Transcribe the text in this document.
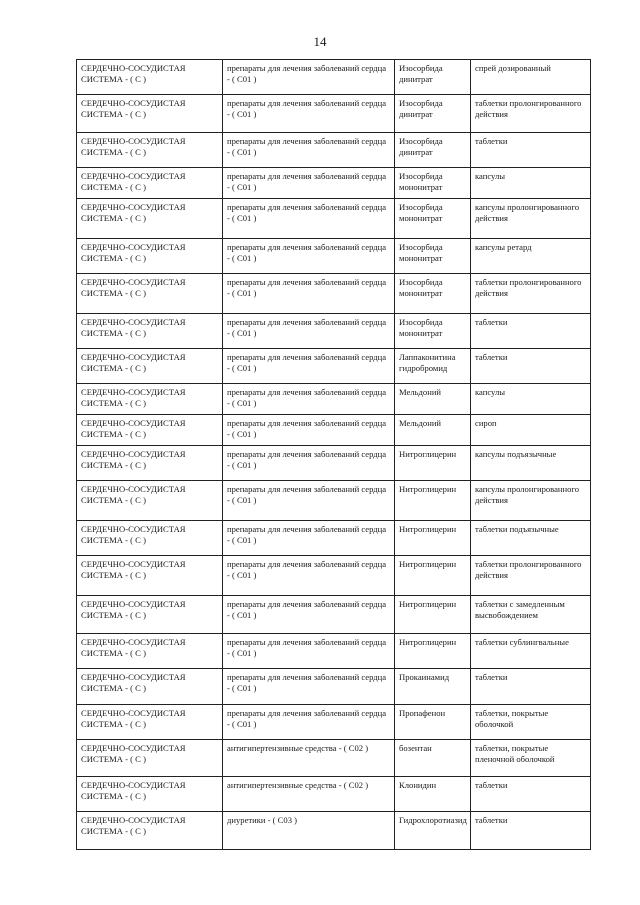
14
СЕРДЕЧНО-СОСУДИСТАЯ СИСТЕМА - ( С )	препараты для лечения заболеваний сердца - ( С01 )	Изосорбида динитрат	спрей дозированный
СЕРДЕЧНО-СОСУДИСТАЯ СИСТЕМА - ( С )	препараты для лечения заболеваний сердца - ( С01 )	Изосорбида динитрат	таблетки пролонгированного действия
СЕРДЕЧНО-СОСУДИСТАЯ СИСТЕМА - ( С )	препараты для лечения заболеваний сердца - ( С01 )	Изосорбида динитрат	таблетки
СЕРДЕЧНО-СОСУДИСТАЯ СИСТЕМА - ( С )	препараты для лечения заболеваний сердца - ( С01 )	Изосорбида мононитрат	капсулы
СЕРДЕЧНО-СОСУДИСТАЯ СИСТЕМА - ( С )	препараты для лечения заболеваний сердца - ( С01 )	Изосорбида мононитрат	капсулы пролонгированного действия
СЕРДЕЧНО-СОСУДИСТАЯ СИСТЕМА - ( С )	препараты для лечения заболеваний сердца - ( С01 )	Изосорбида мононитрат	капсулы ретард
СЕРДЕЧНО-СОСУДИСТАЯ СИСТЕМА - ( С )	препараты для лечения заболеваний сердца - ( С01 )	Изосорбида мононитрат	таблетки пролонгированного действия
СЕРДЕЧНО-СОСУДИСТАЯ СИСТЕМА - ( С )	препараты для лечения заболеваний сердца - ( С01 )	Изосорбида мононитрат	таблетки
СЕРДЕЧНО-СОСУДИСТАЯ СИСТЕМА - ( С )	препараты для лечения заболеваний сердца - ( С01 )	Лаппаконитина гидробромид	таблетки
СЕРДЕЧНО-СОСУДИСТАЯ СИСТЕМА - ( С )	препараты для лечения заболеваний сердца - ( С01 )	Мельдоний	капсулы
СЕРДЕЧНО-СОСУДИСТАЯ СИСТЕМА - ( С )	препараты для лечения заболеваний сердца - ( С01 )	Мельдоний	сироп
СЕРДЕЧНО-СОСУДИСТАЯ СИСТЕМА - ( С )	препараты для лечения заболеваний сердца - ( С01 )	Нитроглицерин	капсулы подъязычные
СЕРДЕЧНО-СОСУДИСТАЯ СИСТЕМА - ( С )	препараты для лечения заболеваний сердца - ( С01 )	Нитроглицерин	капсулы пролонгированного действия
СЕРДЕЧНО-СОСУДИСТАЯ СИСТЕМА - ( С )	препараты для лечения заболеваний сердца - ( С01 )	Нитроглицерин	таблетки подъязычные
СЕРДЕЧНО-СОСУДИСТАЯ СИСТЕМА - ( С )	препараты для лечения заболеваний сердца - ( С01 )	Нитроглицерин	таблетки пролонгированного действия
СЕРДЕЧНО-СОСУДИСТАЯ СИСТЕМА - ( С )	препараты для лечения заболеваний сердца - ( С01 )	Нитроглицерин	таблетки с замедленным высвобождением
СЕРДЕЧНО-СОСУДИСТАЯ СИСТЕМА - ( С )	препараты для лечения заболеваний сердца - ( С01 )	Нитроглицерин	таблетки сублингвальные
СЕРДЕЧНО-СОСУДИСТАЯ СИСТЕМА - ( С )	препараты для лечения заболеваний сердца - ( С01 )	Прокаинамид	таблетки
СЕРДЕЧНО-СОСУДИСТАЯ СИСТЕМА - ( С )	препараты для лечения заболеваний сердца - ( С01 )	Пропафенон	таблетки, покрытые оболочкой
СЕРДЕЧНО-СОСУДИСТАЯ СИСТЕМА - ( С )	антигипертензивные средства - ( С02 )	бозентан	таблетки, покрытые пленочной оболочкой
СЕРДЕЧНО-СОСУДИСТАЯ СИСТЕМА - ( С )	антигипертензивные средства - ( С02 )	Клонидин	таблетки
СЕРДЕЧНО-СОСУДИСТАЯ СИСТЕМА - ( С )	диуретики - ( С03 )	Гидрохлоротиазид	таблетки
